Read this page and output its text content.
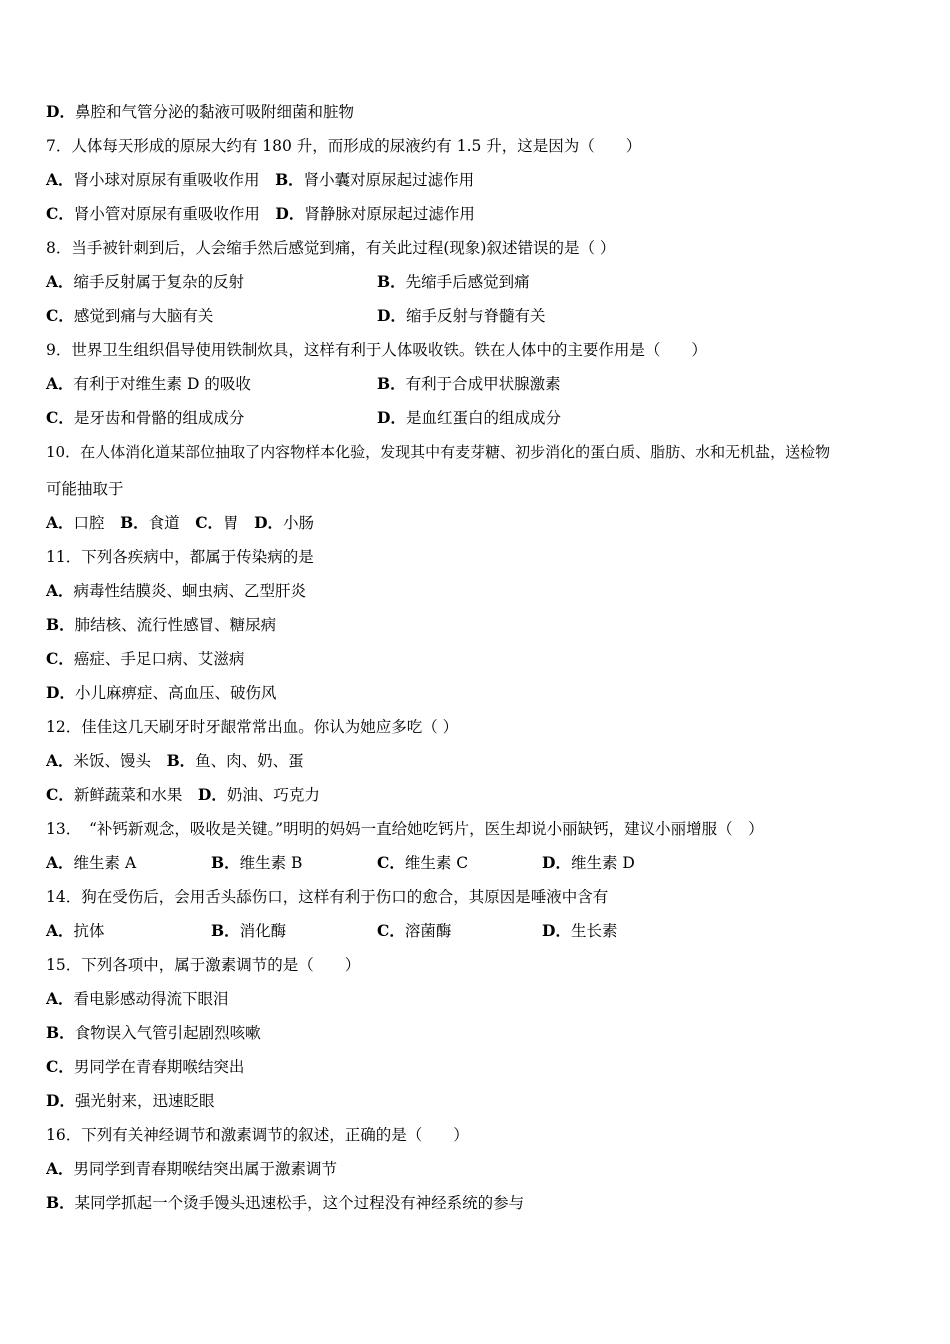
D．鼻腔和气管分泌的黏液可吸附细菌和脏物
7．人体每天形成的原尿大约有 180 升，而形成的尿液约有 1.5 升，这是因为（　　）
A．肾小球对原尿有重吸收作用　 B．肾小囊对原尿起过滤作用
C．肾小管对原尿有重吸收作用　 D．肾静脉对原尿起过滤作用
8．当手被针刺到后，人会缩手然后感觉到痛，有关此过程(现象)叙述错误的是（ ）
A．缩手反射属于复杂的反射	B．先缩手后感觉到痛
C．感觉到痛与大脑有关	D．缩手反射与脊髓有关
9．世界卫生组织倡导使用铁制炊具，这样有利于人体吸收铁。铁在人体中的主要作用是（　　）
A．有利于对维生素 D 的吸收	B．有利于合成甲状腺激素
C．是牙齿和骨骼的组成成分	D．是血红蛋白的组成成分
10．在人体消化道某部位抽取了内容物样本化验，发现其中有麦芽糖、初步消化的蛋白质、脂肪、水和无机盐，送检物
可能抽取于
A．口腔　 B．食道　 C．胃　 D．小肠
11．下列各疾病中，都属于传染病的是
A．病毒性结膜炎、蛔虫病、乙型肝炎
B．肺结核、流行性感冒、糖尿病
C．癌症、手足口病、艾滋病
D．小儿麻痹症、高血压、破伤风
12．佳佳这几天刷牙时牙龈常常出血。你认为她应多吃（ ）
A．米饭、馒头　 B．鱼、肉、奶、蛋
C．新鲜蔬菜和水果　 D．奶油、巧克力
13．　“补钙新观念，吸收是关键。”明明的妈妈一直给她吃钙片，医生却说小丽缺钙，建议小丽增服（　）
A．维生素 A	B．维生素 B	C．维生素 C	D．维生素 D
14．狗在受伤后，会用舌头舔伤口，这样有利于伤口的愈合，其原因是唾液中含有
A．抗体	B．消化酶	C．溶菌酶	D．生长素
15．下列各项中，属于激素调节的是（　　）
A．看电影感动得流下眼泪
B．食物误入气管引起剧烈咳嗽
C．男同学在青春期喉结突出
D．强光射来，迅速眨眼
16．下列有关神经调节和激素调节的叙述，正确的是（　　）
A．男同学到青春期喉结突出属于激素调节
B．某同学抓起一个烫手馒头迅速松手，这个过程没有神经系统的参与
